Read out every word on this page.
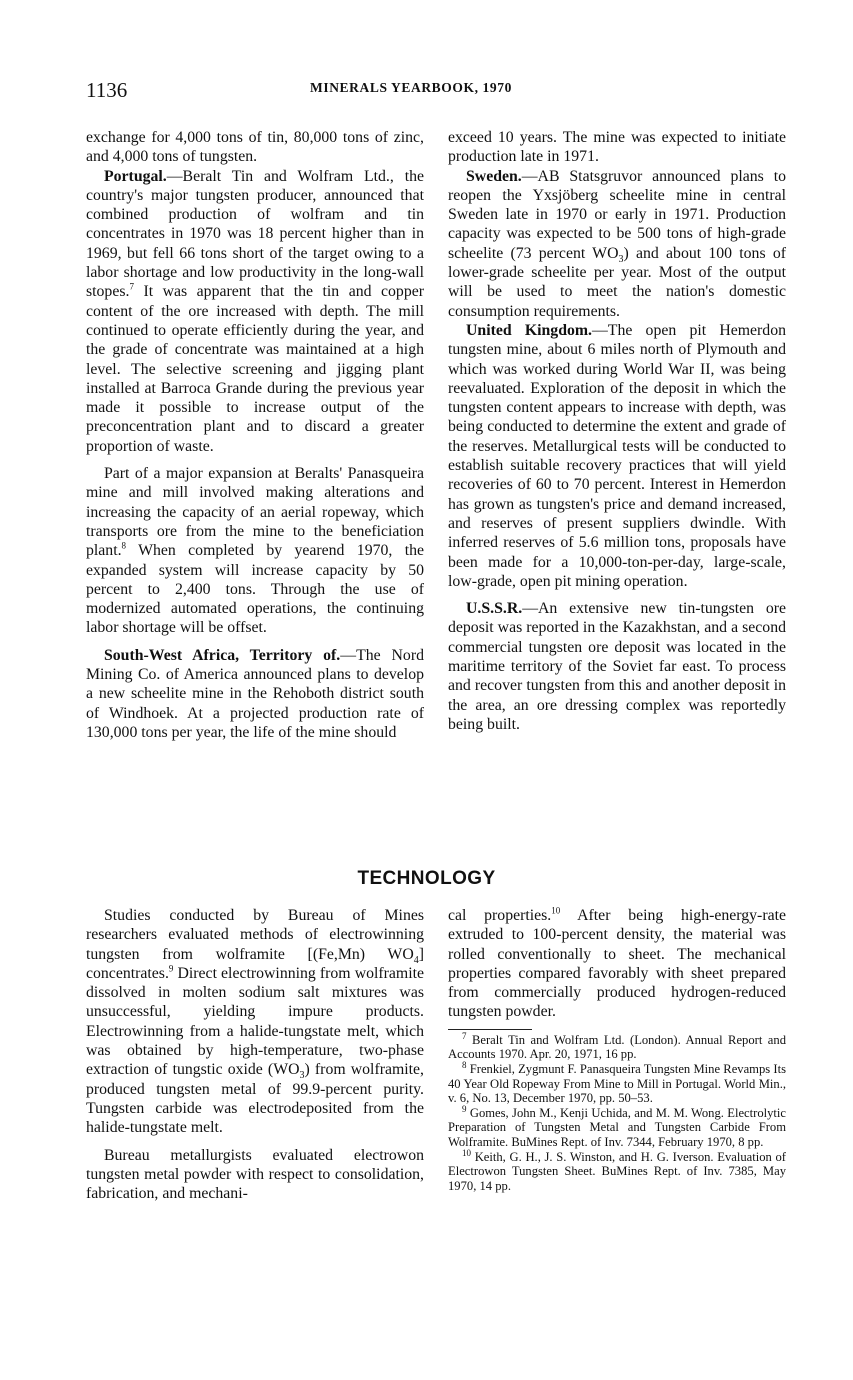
1136	MINERALS YEARBOOK, 1970

exchange for 4,000 tons of tin, 80,000 tons of zinc, and 4,000 tons of tungsten.

Portugal.—Beralt Tin and Wolfram Ltd., the country's major tungsten producer, announced that combined production of wolfram and tin concentrates in 1970 was 18 percent higher than in 1969, but fell 66 tons short of the target owing to a labor shortage and low productivity in the long-wall stopes.$^7$ It was apparent that the tin and copper content of the ore increased with depth. The mill continued to operate efficiently during the year, and the grade of concentrate was maintained at a high level. The selective screening and jigging plant installed at Barroca Grande during the previous year made it possible to increase output of the preconcentration plant and to discard a greater proportion of waste.

Part of a major expansion at Beralts' Panasqueira mine and mill involved making alterations and increasing the capacity of an aerial ropeway, which transports ore from the mine to the beneficiation plant.$^8$ When completed by yearend 1970, the expanded system will increase capacity by 50 percent to 2,400 tons. Through the use of modernized automated operations, the continuing labor shortage will be offset.

South-West Africa, Territory of.—The Nord Mining Co. of America announced plans to develop a new scheelite mine in the Rehoboth district south of Windhoek. At a projected production rate of 130,000 tons per year, the life of the mine should

exceed 10 years. The mine was expected to initiate production late in 1971.

Sweden.—AB Statsgruvor announced plans to reopen the Yxsjöberg scheelite mine in central Sweden late in 1970 or early in 1971. Production capacity was expected to be 500 tons of high-grade scheelite (73 percent $WO_3$) and about 100 tons of lower-grade scheelite per year. Most of the output will be used to meet the nation's domestic consumption requirements.

United Kingdom.—The open pit Hemerdon tungsten mine, about 6 miles north of Plymouth and which was worked during World War II, was being reevaluated. Exploration of the deposit in which the tungsten content appears to increase with depth, was being conducted to determine the extent and grade of the reserves. Metallurgical tests will be conducted to establish suitable recovery practices that will yield recoveries of 60 to 70 percent. Interest in Hemerdon has grown as tungsten's price and demand increased, and reserves of present suppliers dwindle. With inferred reserves of 5.6 million tons, proposals have been made for a 10,000-ton-per-day, large-scale, low-grade, open pit mining operation.

U.S.S.R.—An extensive new tin-tungsten ore deposit was reported in the Kazakhstan, and a second commercial tungsten ore deposit was located in the maritime territory of the Soviet far east. To process and recover tungsten from this and another deposit in the area, an ore dressing complex was reportedly being built.

TECHNOLOGY

Studies conducted by Bureau of Mines researchers evaluated methods of electrowinning tungsten from wolframite [(Fe,Mn) $WO_4$] concentrates.$^9$ Direct electrowinning from wolframite dissolved in molten sodium salt mixtures was unsuccessful, yielding impure products. Electrowinning from a halide-tungstate melt, which was obtained by high-temperature, two-phase extraction of tungstic oxide $(WO_3)$ from wolframite, produced tungsten metal of 99.9-percent purity. Tungsten carbide was electrodeposited from the halide-tungstate melt.

Bureau metallurgists evaluated electrowon tungsten metal powder with respect to consolidation, fabrication, and mechani-

cal properties.$^{10}$ After being high-energy-rate extruded to 100-percent density, the material was rolled conventionally to sheet. The mechanical properties compared favorably with sheet prepared from commercially produced hydrogen-reduced tungsten powder.

$^7$ Beralt Tin and Wolfram Ltd. (London). Annual Report and Accounts 1970. Apr. 20, 1971, 16 pp.

$^8$ Frenkiel, Zygmunt F. Panasqueira Tungsten Mine Revamps Its 40 Year Old Ropeway From Mine to Mill in Portugal. World Min., v. 6, No. 13, December 1970, pp. 50–53.

$^9$ Gomes, John M., Kenji Uchida, and M. M. Wong. Electrolytic Preparation of Tungsten Metal and Tungsten Carbide From Wolframite. BuMines Rept. of Inv. 7344, February 1970, 8 pp.

$^{10}$ Keith, G. H., J. S. Winston, and H. G. Iverson. Evaluation of Electrowon Tungsten Sheet. BuMines Rept. of Inv. 7385, May 1970, 14 pp.
